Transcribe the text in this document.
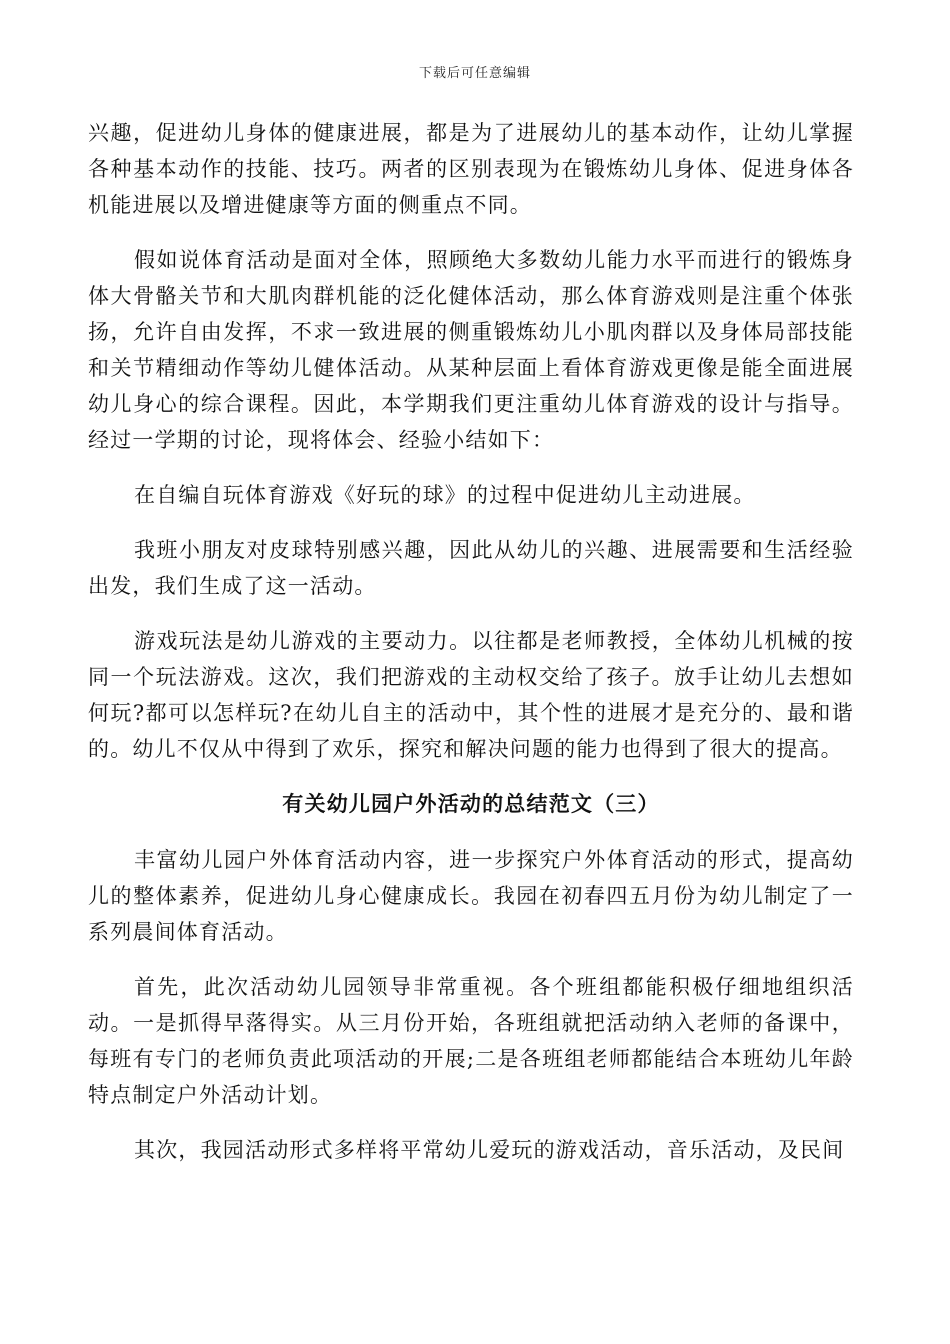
下载后可任意编辑

兴趣，促进幼儿身体的健康进展，都是为了进展幼儿的基本动作，让幼儿掌握各种基本动作的技能、技巧。两者的区别表现为在锻炼幼儿身体、促进身体各机能进展以及增进健康等方面的侧重点不同。

假如说体育活动是面对全体，照顾绝大多数幼儿能力水平而进行的锻炼身体大骨骼关节和大肌肉群机能的泛化健体活动，那么体育游戏则是注重个体张扬，允许自由发挥，不求一致进展的侧重锻炼幼儿小肌肉群以及身体局部技能和关节精细动作等幼儿健体活动。从某种层面上看体育游戏更像是能全面进展幼儿身心的综合课程。因此，本学期我们更注重幼儿体育游戏的设计与指导。经过一学期的讨论，现将体会、经验小结如下：

在自编自玩体育游戏《好玩的球》的过程中促进幼儿主动进展。

我班小朋友对皮球特别感兴趣，因此从幼儿的兴趣、进展需要和生活经验出发，我们生成了这一活动。

游戏玩法是幼儿游戏的主要动力。以往都是老师教授，全体幼儿机械的按同一个玩法游戏。这次，我们把游戏的主动权交给了孩子。放手让幼儿去想如何玩?都可以怎样玩?在幼儿自主的活动中，其个性的进展才是充分的、最和谐的。幼儿不仅从中得到了欢乐，探究和解决问题的能力也得到了很大的提高。

有关幼儿园户外活动的总结范文（三）

丰富幼儿园户外体育活动内容，进一步探究户外体育活动的形式，提高幼儿的整体素养，促进幼儿身心健康成长。我园在初春四五月份为幼儿制定了一系列晨间体育活动。

首先，此次活动幼儿园领导非常重视。各个班组都能积极仔细地组织活动。一是抓得早落得实。从三月份开始，各班组就把活动纳入老师的备课中，每班有专门的老师负责此项活动的开展;二是各班组老师都能结合本班幼儿年龄特点制定户外活动计划。

其次，我园活动形式多样将平常幼儿爱玩的游戏活动，音乐活动，及民间
